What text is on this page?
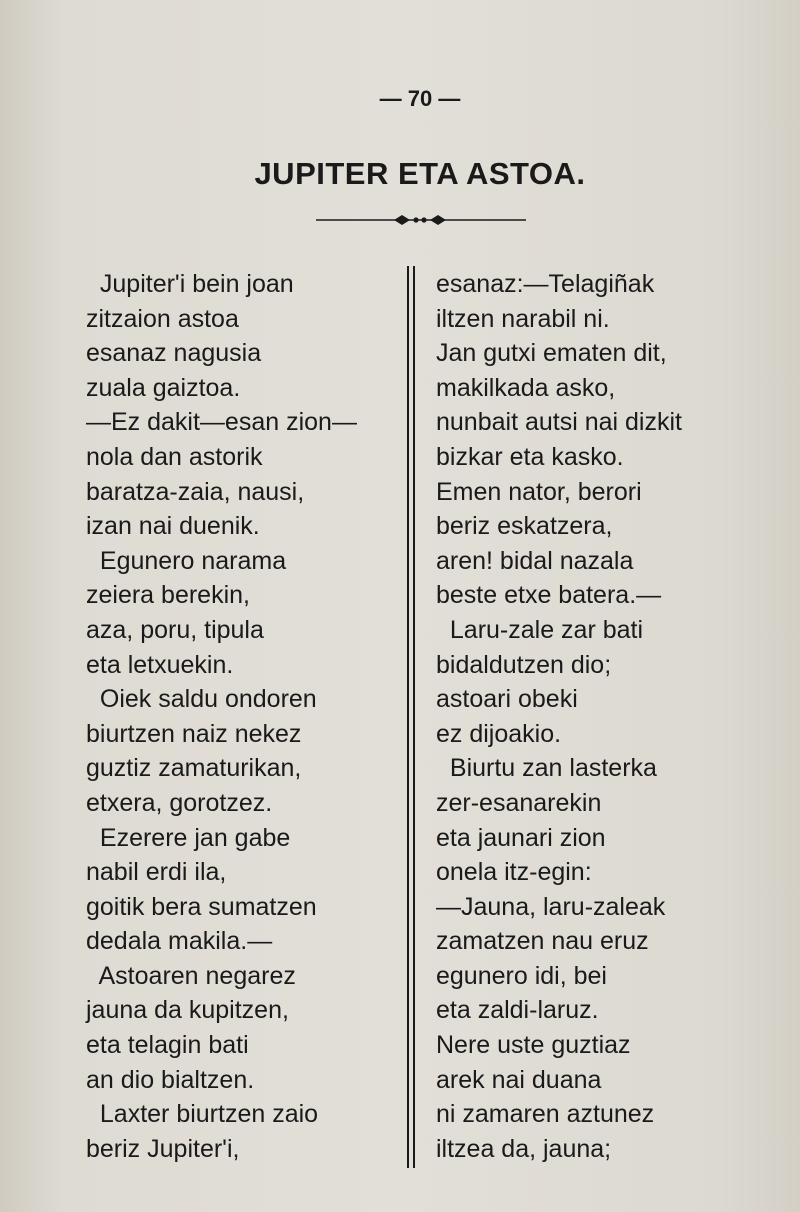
— 70 —
JUPITER ETA ASTOA.
Jupiter'i bein joan
zitzaion astoa
esanaz nagusia
zuala gaiztoa.
—Ez dakit—esan zion—
nola dan astorik
baratza-zaia, nausi,
izan nai duenik.
Egunero narama
zeiera berekin,
aza, poru, tipula
eta letxuekin.
Oiek saldu ondoren
biurtzen naiz nekez
guztiz zamaturikan,
etxera, gorotzez.
Ezerere jan gabe
nabil erdi ila,
goitik bera sumatzen
dedala makila.—
Astoaren negarez
jauna da kupitzen,
eta telagin bati
an dio bialtzen.
Laxter biurtzen zaio
beriz Jupiter'i,
esanaz:—Telagiñak
iltzen narabil ni.
Jan gutxi ematen dit,
makilkada asko,
nunbait autsi nai dizkit
bizkar eta kasko.
Emen nator, berori
beriz eskatzera,
aren! bidal nazala
beste etxe batera.—
Laru-zale zar bati
bidaldutzen dio;
astoari obeki
ez dijoakio.
Biurtu zan lasterka
zer-esanarekin
eta jaunari zion
onela itz-egin:
—Jauna, laru-zaleak
zamatzen nau eruz
egunero idi, bei
eta zaldi-laruz.
Nere uste guztiaz
arek nai duana
ni zamaren aztunez
iltzea da, jauna;
